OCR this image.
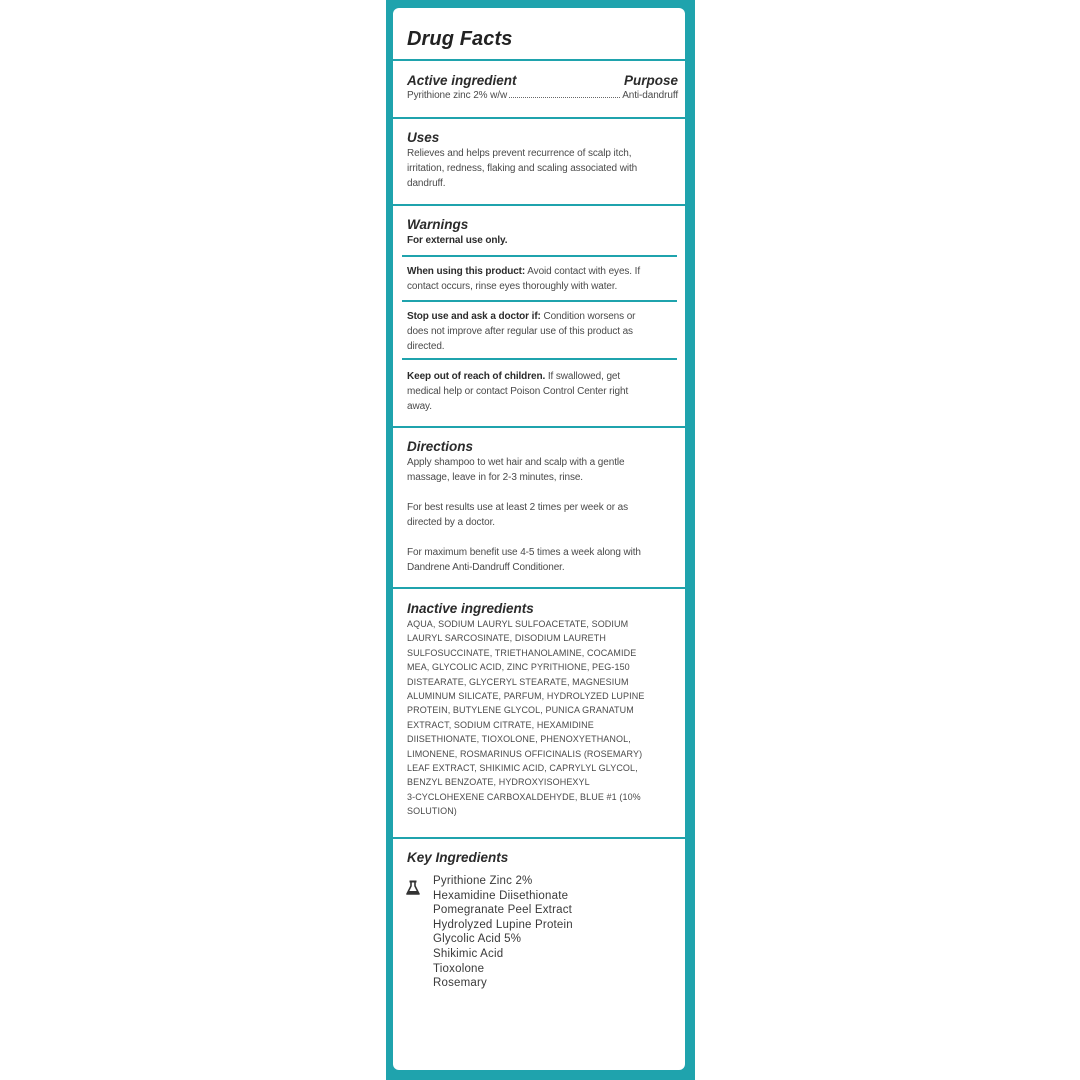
Drug Facts
Active ingredient	Purpose
Pyrithione zinc 2% w/w	Anti-dandruff
Uses
Relieves and helps prevent recurrence of scalp itch,
irritation, redness, flaking and scaling associated with
dandruff.
Warnings
For external use only.
When using this product: Avoid contact with eyes. If
contact occurs, rinse eyes thoroughly with water.
Stop use and ask a doctor if: Condition worsens or
does not improve after regular use of this product as
directed.
Keep out of reach of children. If swallowed, get
medical help or contact Poison Control Center right
away.
Directions
Apply shampoo to wet hair and scalp with a gentle
massage, leave in for 2-3 minutes, rinse.
For best results use at least 2 times per week or as
directed by a doctor.
For maximum benefit use 4-5 times a week along with
Dandrene Anti-Dandruff Conditioner.
Inactive ingredients
AQUA, SODIUM LAURYL SULFOACETATE, SODIUM
LAURYL SARCOSINATE, DISODIUM LAURETH
SULFOSUCCINATE, TRIETHANOLAMINE, COCAMIDE
MEA, GLYCOLIC ACID, ZINC PYRITHIONE, PEG-150
DISTEARATE, GLYCERYL STEARATE, MAGNESIUM
ALUMINUM SILICATE, PARFUM, HYDROLYZED LUPINE
PROTEIN, BUTYLENE GLYCOL, PUNICA GRANATUM
EXTRACT, SODIUM CITRATE, HEXAMIDINE
DIISETHIONATE, TIOXOLONE, PHENOXYETHANOL,
LIMONENE, ROSMARINUS OFFICINALIS (ROSEMARY)
LEAF EXTRACT, SHIKIMIC ACID, CAPRYLYL GLYCOL,
BENZYL BENZOATE, HYDROXYISOHEXYL
3-CYCLOHEXENE CARBOXALDEHYDE, BLUE #1 (10%
SOLUTION)
Key Ingredients
Pyrithione Zinc 2%
Hexamidine Diisethionate
Pomegranate Peel Extract
Hydrolyzed Lupine Protein
Glycolic Acid 5%
Shikimic Acid
Tioxolone
Rosemary
